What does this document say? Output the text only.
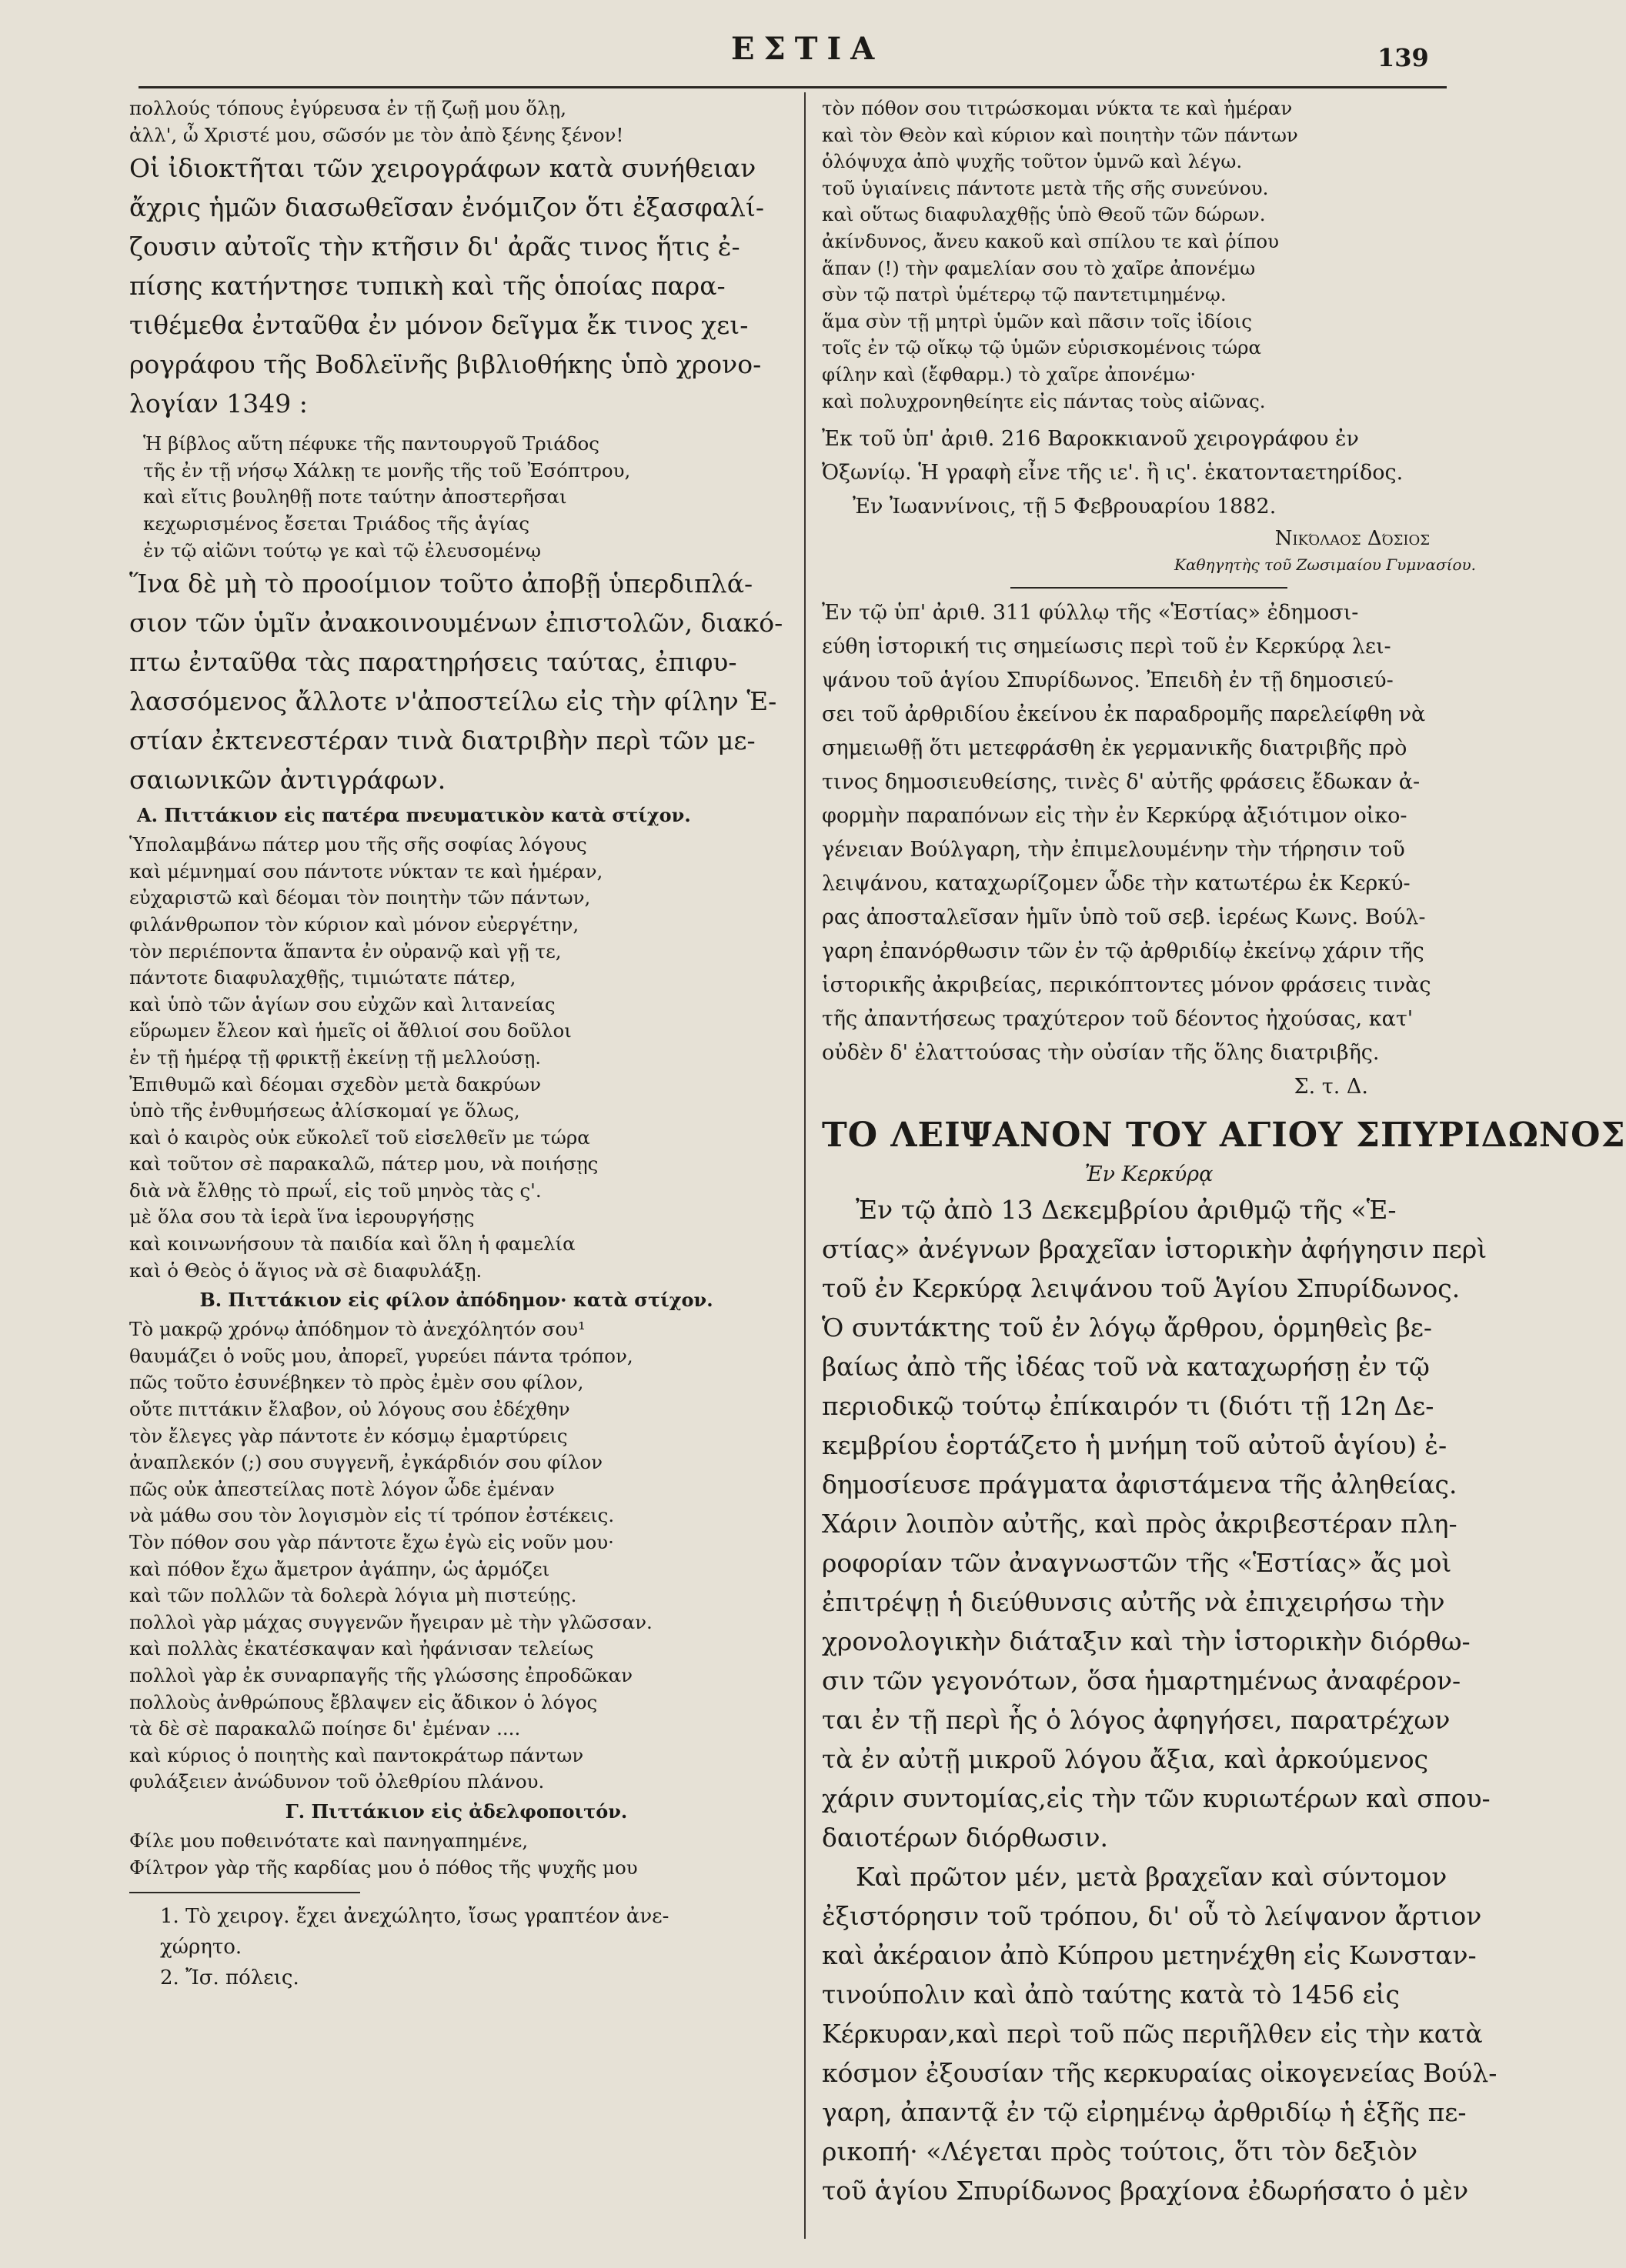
ΕΣΤΙΑ	139
πολλούς τόπους ἐγύρευσα ἐν τῇ ζωῇ μου ὅλῃ,
ἀλλ', ὦ Χριστέ μου, σῶσόν με τὸν ἀπὸ ξένης ξένον!
Οἱ ἰδιοκτῆται τῶν χειρογράφων κατὰ συνήθειαν
ἄχρις ἡμῶν διασωθεῖσαν ἐνόμιζον ὅτι ἐξασφαλί-
ζουσιν αὐτοῖς τὴν κτῆσιν δι' ἀρᾶς τινος ἥτις ἐ-
πίσης κατήντησε τυπικὴ καὶ τῆς ὁποίας παρα-
τιθέμεθα ἐνταῦθα ἐν μόνον δεῖγμα ἔκ τινος χει-
ρογράφου τῆς Βοδλεϊνῆς βιβλιοθήκης ὑπὸ χρονο-
λογίαν 1349 :
Ἡ βίβλος αὕτη πέφυκε τῆς παντουργοῦ Τριάδος
τῆς ἐν τῇ νήσῳ Χάλκῃ τε μονῆς τῆς τοῦ Ἐσόπτρου,
καὶ εἴτις βουληθῇ ποτε ταύτην ἀποστερῆσαι
κεχωρισμένος ἔσεται Τριάδος τῆς ἁγίας
ἐν τῷ αἰῶνι τούτῳ γε καὶ τῷ ἐλευσομένῳ
Ἵνα δὲ μὴ τὸ προοίμιον τοῦτο ἀποβῇ ὑπερδιπλά-
σιον τῶν ὑμῖν ἀνακοινουμένων ἐπιστολῶν, διακό-
πτω ἐνταῦθα τὰς παρατηρήσεις ταύτας, ἐπιφυ-
λασσόμενος ἄλλοτε ν'ἀποστείλω εἰς τὴν φίλην Ἑ-
στίαν ἐκτενεστέραν τινὰ διατριβὴν περὶ τῶν με-
σαιωνικῶν ἀντιγράφων.
Α. Πιττάκιον εἰς πατέρα πνευματικὸν κατὰ στίχον.
Ὑπολαμβάνω πάτερ μου τῆς σῆς σοφίας λόγους
καὶ μέμνημαί σου πάντοτε νύκταν τε καὶ ἡμέραν,
εὐχαριστῶ καὶ δέομαι τὸν ποιητὴν τῶν πάντων,
φιλάνθρωπον τὸν κύριον καὶ μόνον εὐεργέτην,
τὸν περιέποντα ἅπαντα ἐν οὐρανῷ καὶ γῇ τε,
πάντοτε διαφυλαχθῇς, τιμιώτατε πάτερ,
καὶ ὑπὸ τῶν ἁγίων σου εὐχῶν καὶ λιτανείας
εὕρωμεν ἔλεον καὶ ἡμεῖς οἱ ἄθλιοί σου δοῦλοι
ἐν τῇ ἡμέρᾳ τῇ φρικτῇ ἐκείνῃ τῇ μελλούσῃ.
Ἐπιθυμῶ καὶ δέομαι σχεδὸν μετὰ δακρύων
ὑπὸ τῆς ἐνθυμήσεως ἀλίσκομαί γε ὅλως,
καὶ ὁ καιρὸς οὐκ εὔκολεῖ τοῦ εἰσελθεῖν με τώρα
καὶ τοῦτον σὲ παρακαλῶ, πάτερ μου, νὰ ποιήσῃς
διὰ νὰ ἔλθῃς τὸ πρωΐ, εἰς τοῦ μηνὸς τὰς ς'.
μὲ ὅλα σου τὰ ἱερὰ ἵνα ἱερουργήσῃς
καὶ κοινωνήσουν τὰ παιδία καὶ ὅλη ἡ φαμελία
καὶ ὁ Θεὸς ὁ ἅγιος νὰ σὲ διαφυλάξῃ.
Β. Πιττάκιον εἰς φίλον ἀπόδημον· κατὰ στίχον.
Τὸ μακρῷ χρόνῳ ἀπόδημον τὸ ἀνεχόλητόν σου¹
θαυμάζει ὁ νοῦς μου, ἀπορεῖ, γυρεύει πάντα τρόπον,
πῶς τοῦτο ἐσυνέβηκεν τὸ πρὸς ἐμὲν σου φίλον,
οὔτε πιττάκιν ἔλαβον, οὐ λόγους σου ἐδέχθην
τὸν ἔλεγες γὰρ πάντοτε ἐν κόσμῳ ἐμαρτύρεις
ἀναπλεκόν (;) σου συγγενῆ, ἐγκάρδιόν σου φίλον
πῶς οὐκ ἀπεστείλας ποτὲ λόγον ὧδε ἐμέναν
νὰ μάθω σου τὸν λογισμὸν εἰς τί τρόπον ἐστέκεις.
Τὸν πόθον σου γὰρ πάντοτε ἔχω ἐγὼ εἰς νοῦν μου·
καὶ πόθον ἔχω ἄμετρον ἀγάπην, ὡς ἁρμόζει
καὶ τῶν πολλῶν τὰ δολερὰ λόγια μὴ πιστεύῃς.
πολλοὶ γὰρ μάχας συγγενῶν ἤγειραν μὲ τὴν γλῶσσαν.
καὶ πολλὰς ἐκατέσκαψαν καὶ ἠφάνισαν τελείως
πολλοὶ γὰρ ἐκ συναρπαγῆς τῆς γλώσσης ἐπροδῶκαν
πολλοὺς ἀνθρώπους ἔβλαψεν εἰς ἄδικον ὁ λόγος
τὰ δὲ σὲ παρακαλῶ ποίησε δι' ἐμέναν ....
καὶ κύριος ὁ ποιητὴς καὶ παντοκράτωρ πάντων
φυλάξειεν ἀνώδυνον τοῦ ὀλεθρίου πλάνου.
Γ. Πιττάκιον εἰς ἀδελφοποιτόν.
Φίλε μου ποθεινότατε καὶ πανηγαπημένε,
Φίλτρον γὰρ τῆς καρδίας μου ὁ πόθος τῆς ψυχῆς μου
1. Τὸ χειρογ. ἔχει ἀνεχώλητο, ἴσως γραπτέον ἀνε-
χώρητο.
2. Ἴσ. πόλεις.
τὸν πόθον σου τιτρώσκομαι νύκτα τε καὶ ἡμέραν
καὶ τὸν Θεὸν καὶ κύριον καὶ ποιητὴν τῶν πάντων
ὁλόψυχα ἀπὸ ψυχῆς τοῦτον ὑμνῶ καὶ λέγω.
τοῦ ὑγιαίνεις πάντοτε μετὰ τῆς σῆς συνεύνου.
καὶ οὕτως διαφυλαχθῇς ὑπὸ Θεοῦ τῶν δώρων.
ἀκίνδυνος, ἄνευ κακοῦ καὶ σπίλου τε καὶ ῥίπου
ἅπαν (!) τὴν φαμελίαν σου τὸ χαῖρε ἀπονέμω
σὺν τῷ πατρὶ ὑμέτερῳ τῷ παντετιμημένῳ.
ἅμα σὺν τῇ μητρὶ ὑμῶν καὶ πᾶσιν τοῖς ἰδίοις
τοῖς ἐν τῷ οἴκῳ τῷ ὑμῶν εὑρισκομένοις τώρα
φίλην καὶ (ἔφθαρμ.) τὸ χαῖρε ἀπονέμω·
καὶ πολυχρονηθείητε εἰς πάντας τοὺς αἰῶνας.
Ἐκ τοῦ ὑπ' ἀριθ. 216 Βαροκκιανοῦ χειρογράφου ἐν
Ὀξωνίῳ. Ἡ γραφὴ εἶνε τῆς ιε'. ἢ ις'. ἑκατονταετηρίδος.
Ἐν Ἰωαννίνοις, τῇ 5 Φεβρουαρίου 1882.
Νικόλαος Δόσιος
Καθηγητὴς τοῦ Ζωσιμαίου Γυμνασίου.
Ἐν τῷ ὑπ' ἀριθ. 311 φύλλῳ τῆς «Ἑστίας» ἐδημοσι-
εύθη ἱστορική τις σημείωσις περὶ τοῦ ἐν Κερκύρᾳ λει-
ψάνου τοῦ ἁγίου Σπυρίδωνος. Ἐπειδὴ ἐν τῇ δημοσιεύ-
σει τοῦ ἀρθριδίου ἐκείνου ἐκ παραδρομῆς παρελείφθη νὰ
σημειωθῇ ὅτι μετεφράσθη ἐκ γερμανικῆς διατριβῆς πρὸ
τινος δημοσιευθείσης, τινὲς δ' αὐτῆς φράσεις ἔδωκαν ἀ-
φορμὴν παραπόνων εἰς τὴν ἐν Κερκύρᾳ ἀξιότιμον οἰκο-
γένειαν Βούλγαρη, τὴν ἐπιμελουμένην τὴν τήρησιν τοῦ
λειψάνου, καταχωρίζομεν ὧδε τὴν κατωτέρω ἐκ Κερκύ-
ρας ἀποσταλεῖσαν ἡμῖν ὑπὸ τοῦ σεβ. ἱερέως Κωνς. Βούλ-
γαρη ἐπανόρθωσιν τῶν ἐν τῷ ἀρθριδίῳ ἐκείνῳ χάριν τῆς
ἱστορικῆς ἀκριβείας, περικόπτοντες μόνον φράσεις τινὰς
τῆς ἀπαντήσεως τραχύτερον τοῦ δέοντος ἠχούσας, κατ'
οὐδὲν δ' ἐλαττούσας τὴν οὐσίαν τῆς ὅλης διατριβῆς.
Σ. τ. Δ.
ΤΟ ΛΕΙΨΑΝΟΝ ΤΟΥ ΑΓΙΟΥ ΣΠΥΡΙΔΩΝΟΣ
Ἐν Κερκύρᾳ
Ἐν τῷ ἀπὸ 13 Δεκεμβρίου ἀριθμῷ τῆς «Ἑ-
στίας» ἀνέγνων βραχεῖαν ἱστορικὴν ἀφήγησιν περὶ
τοῦ ἐν Κερκύρᾳ λειψάνου τοῦ Ἁγίου Σπυρίδωνος.
Ὁ συντάκτης τοῦ ἐν λόγῳ ἄρθρου, ὁρμηθεὶς βε-
βαίως ἀπὸ τῆς ἰδέας τοῦ νὰ καταχωρήσῃ ἐν τῷ
περιοδικῷ τούτῳ ἐπίκαιρόν τι (διότι τῇ 12η Δε-
κεμβρίου ἑορτάζετο ἡ μνήμη τοῦ αὐτοῦ ἁγίου) ἐ-
δημοσίευσε πράγματα ἀφιστάμενα τῆς ἀληθείας.
Χάριν λοιπὸν αὐτῆς, καὶ πρὸς ἀκριβεστέραν πλη-
ροφορίαν τῶν ἀναγνωστῶν τῆς «Ἑστίας» ἄς μοὶ
ἐπιτρέψῃ ἡ διεύθυνσις αὐτῆς νὰ ἐπιχειρήσω τὴν
χρονολογικὴν διάταξιν καὶ τὴν ἱστορικὴν διόρθω-
σιν τῶν γεγονότων, ὅσα ἡμαρτημένως ἀναφέρον-
ται ἐν τῇ περὶ ἧς ὁ λόγος ἀφηγήσει, παρατρέχων
τὰ ἐν αὐτῇ μικροῦ λόγου ἄξια, καὶ ἀρκούμενος
χάριν συντομίας,εἰς τὴν τῶν κυριωτέρων καὶ σπου-
δαιοτέρων διόρθωσιν.
Καὶ πρῶτον μέν, μετὰ βραχεῖαν καὶ σύντομον
ἐξιστόρησιν τοῦ τρόπου, δι' οὗ τὸ λείψανον ἄρτιον
καὶ ἀκέραιον ἀπὸ Κύπρου μετηνέχθη εἰς Κωνσταν-
τινούπολιν καὶ ἀπὸ ταύτης κατὰ τὸ 1456 εἰς
Κέρκυραν,καὶ περὶ τοῦ πῶς περιῆλθεν εἰς τὴν κατὰ
κόσμον ἐξουσίαν τῆς κερκυραίας οἰκογενείας Βούλ-
γαρη, ἀπαντᾷ ἐν τῷ εἰρημένῳ ἀρθριδίῳ ἡ ἑξῆς πε-
ρικοπή· «Λέγεται πρὸς τούτοις, ὅτι τὸν δεξιὸν
τοῦ ἁγίου Σπυρίδωνος βραχίονα ἐδωρήσατο ὁ μὲν
